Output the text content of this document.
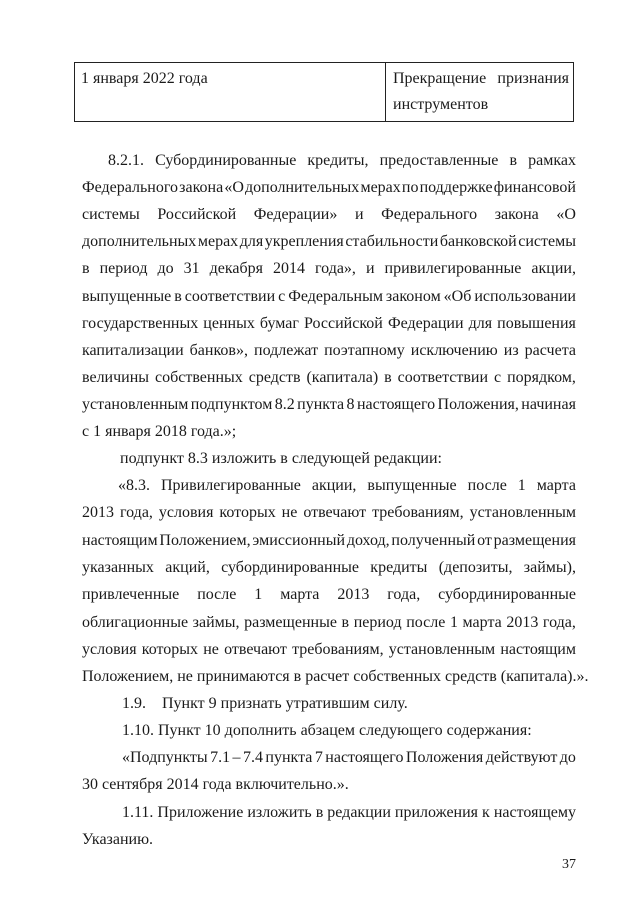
1 января 2022 года	Прекращение признания
инструментов
8.2.1. Субординированные кредиты, предоставленные в рамках
Федерального закона «О дополнительных мерах по поддержке финансовой
системы Российской Федерации» и Федерального закона «О
дополнительных мерах для укрепления стабильности банковской системы
в период до 31 декабря 2014 года», и привилегированные акции,
выпущенные в соответствии с Федеральным законом «Об использовании
государственных ценных бумаг Российской Федерации для повышения
капитализации банков», подлежат поэтапному исключению из расчета
величины собственных средств (капитала) в соответствии с порядком,
установленным подпунктом 8.2 пункта 8 настоящего Положения, начиная
с 1 января 2018 года.»;
подпункт 8.3 изложить в следующей редакции:
«8.3. Привилегированные акции, выпущенные после 1 марта
2013 года, условия которых не отвечают требованиям, установленным
настоящим Положением, эмиссионный доход, полученный от размещения
указанных акций, субординированные кредиты (депозиты, займы),
привлеченные после 1 марта 2013 года, субординированные
облигационные займы, размещенные в период после 1 марта 2013 года,
условия которых не отвечают требованиям, установленным настоящим
Положением, не принимаются в расчет собственных средств (капитала).».
1.9.    Пункт 9 признать утратившим силу.
1.10. Пункт 10 дополнить абзацем следующего содержания:
«Подпункты 7.1 – 7.4 пункта 7 настоящего Положения действуют до
30 сентября 2014 года включительно.».
1.11. Приложение изложить в редакции приложения к настоящему
Указанию.
37
